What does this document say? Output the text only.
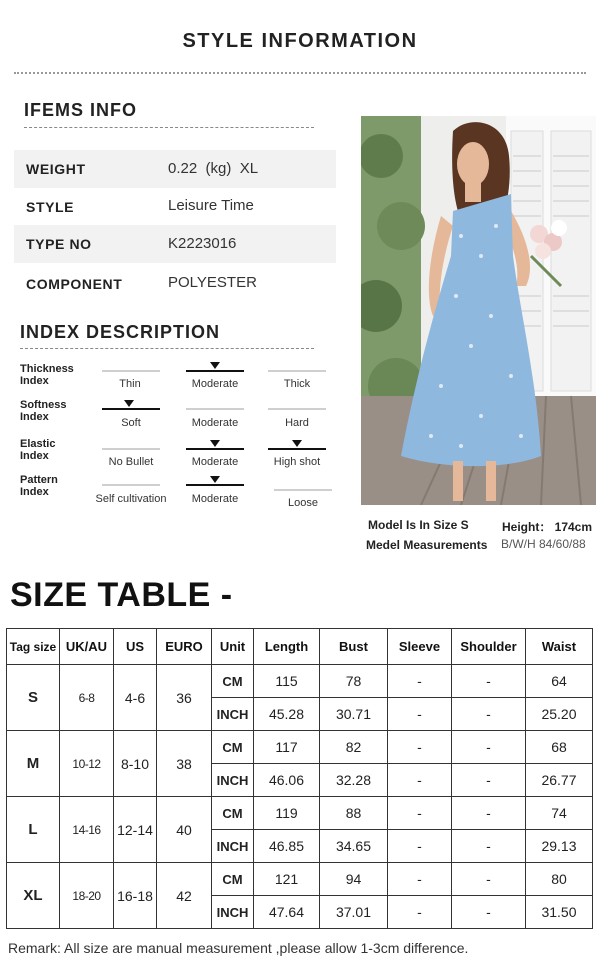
STYLE INFORMATION
IFEMS INFO
WEIGHT	0.22  (kg)  XL
STYLE	Leisure Time
TYPE NO	K2223016
COMPONENT	POLYESTER
INDEX DESCRIPTION
Thickness
Index	Thin	Moderate	Thick
Softness
Index	Soft	Moderate	Hard
Elastic
Index	No Bullet	Moderate	High shot
Pattern
Index
Self cultivation	Moderate	Loose
Model Is In Size S	Height： 174cm
Medel Measurements B/W/H 84/60/88
SIZE TABLE -
Tag size	UK/AU	US	EURO	Unit	Length	Bust	Sleeve	Shoulder	Waist
S	6-8	4-6	36	CM	115	78	-	-	64
				INCH	45.28	30.71	-	-	25.20
M	10-12	8-10	38	CM	117	82	-	-	68
				INCH	46.06	32.28	-	-	26.77
L	14-16	12-14	40	CM	119	88	-	-	74
				INCH	46.85	34.65	-	-	29.13
XL	18-20	16-18	42	CM	121	94	-	-	80
				INCH	47.64	37.01	-	-	31.50
Remark: All size are manual measurement ,please allow 1-3cm difference.
